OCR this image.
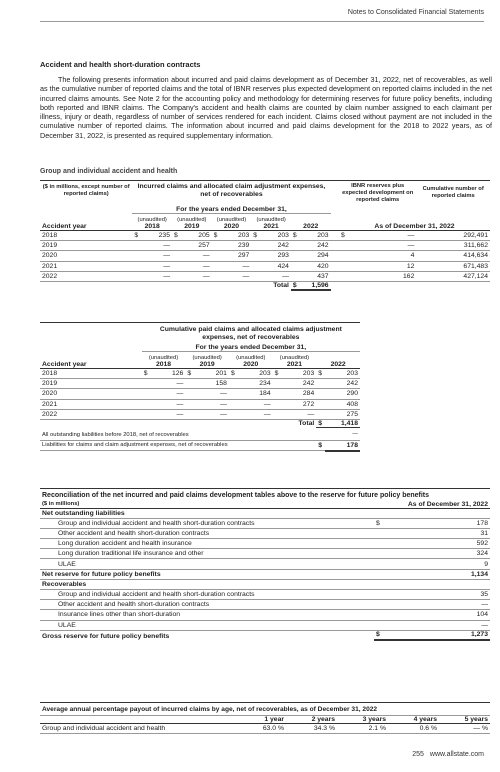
Notes to Consolidated Financial Statements
Accident and health short-duration contracts
The following presents information about incurred and paid claims development as of December 31, 2022, net of recoverables, as well as the cumulative number of reported claims and the total of IBNR reserves plus expected development on reported claims included in the net incurred claims amounts. See Note 2 for the accounting policy and methodology for determining reserves for future policy benefits, including both reported and IBNR claims. The Company's accident and health claims are counted by claim number assigned to each claimant per illness, injury or death, regardless of number of services rendered for each incident. Claims closed without payment are not included in the cumulative number of reported claims. The information about incurred and paid claims development for the 2018 to 2022 years, as of December 31, 2022, is presented as required supplementary information.
Group and individual accident and health
($ in millions, except number of reported claims)	Incurred claims and allocated claim adjustment expenses, net of recoverables											IBNR reserves plus expected development on reported claims		Cumulative number of reported claims
	For the years ended December 31,													
	(unaudited)		(unaudited)		(unaudited)		(unaudited)							
Accident year	2018		2019		2020		2021		2022			As of December 31, 2022		
2018	$	235	$	205	$	203	$	203	$	203		$	—	292,491
2019		—		257		239		242		242			—	311,662
2020		—		—		297		293		294			4	414,634
2021		—		—		—		424		420			12	671,483
2022		—		—		—		—		437			162	427,124
							Total		$	1,596				
	Cumulative paid claims and allocated claims adjustment expenses, net of recoverables									
	For the years ended December 31,									
	(unaudited)		(unaudited)		(unaudited)		(unaudited)			
Accident year	2018		2019		2020		2021		2022	
2018	$	126	$	201	$	203	$	203	$	203
2019		—		158		234		242		242
2020		—		—		184		284		290
2021		—		—		—		272		408
2022		—		—		—		—		275
							Total		$	1,418
All outstanding liabilities before 2018, net of recoverables										—
Liabilities for claims and claim adjustment expenses, net of recoverables									$	178
Reconciliation of the net incurred and paid claims development tables above to the reserve for future policy benefits		
($ in millions)	As of December 31, 2022	
Net outstanding liabilities		
Group and individual accident and health short-duration contracts	$	178
Other accident and health short-duration contracts		31
Long duration accident and health insurance		592
Long duration traditional life insurance and other		324
ULAE		9
Net reserve for future policy benefits		1,134
Recoverables		
Group and individual accident and health short-duration contracts		35
Other accident and health short-duration contracts		—
Insurance lines other than short-duration		104
ULAE		—
Gross reserve for future policy benefits	$	1,273
Average annual percentage payout of incurred claims by age, net of recoverables, as of December 31, 2022					
	1 year	2 years	3 years	4 years	5 years
Group and individual accident and health	63.0 %	34.3 %	2.1 %	0.6 %	— %
255 www.allstate.com
